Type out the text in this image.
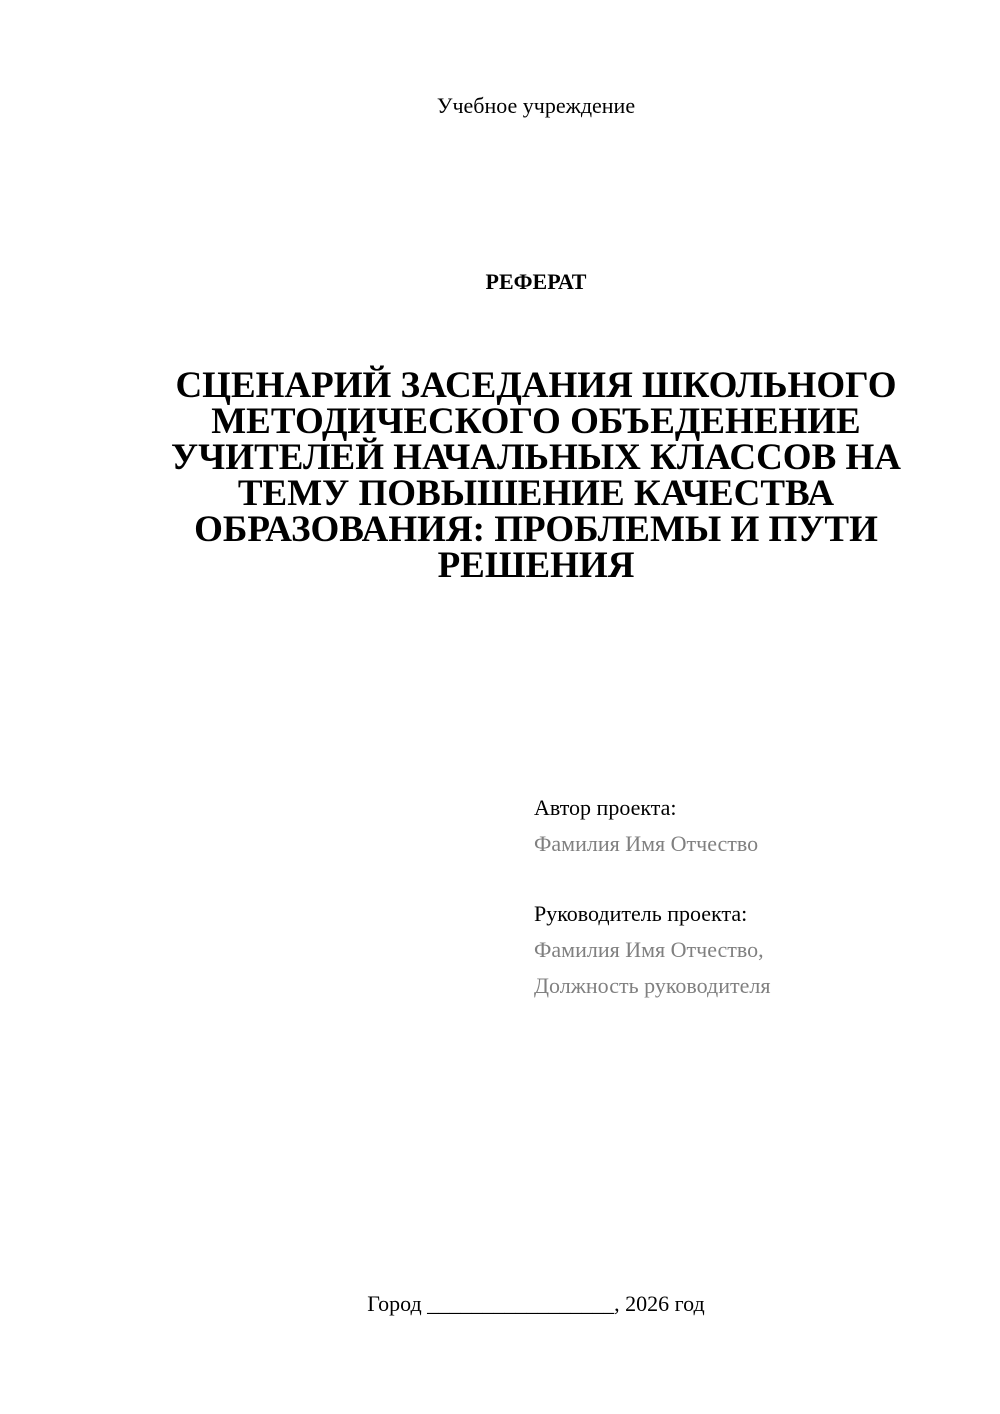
Учебное учреждение
РЕФЕРАТ
СЦЕНАРИЙ ЗАСЕДАНИЯ ШКОЛЬНОГО
МЕТОДИЧЕСКОГО ОБЪЕДЕНЕНИЕ
УЧИТЕЛЕЙ НАЧАЛЬНЫХ КЛАССОВ НА
ТЕМУ ПОВЫШЕНИЕ КАЧЕСТВА
ОБРАЗОВАНИЯ: ПРОБЛЕМЫ И ПУТИ
РЕШЕНИЯ
Автор проекта:
Фамилия Имя Отчество
Руководитель проекта:
Фамилия Имя Отчество,
Должность руководителя
Город _________________, 2026 год
